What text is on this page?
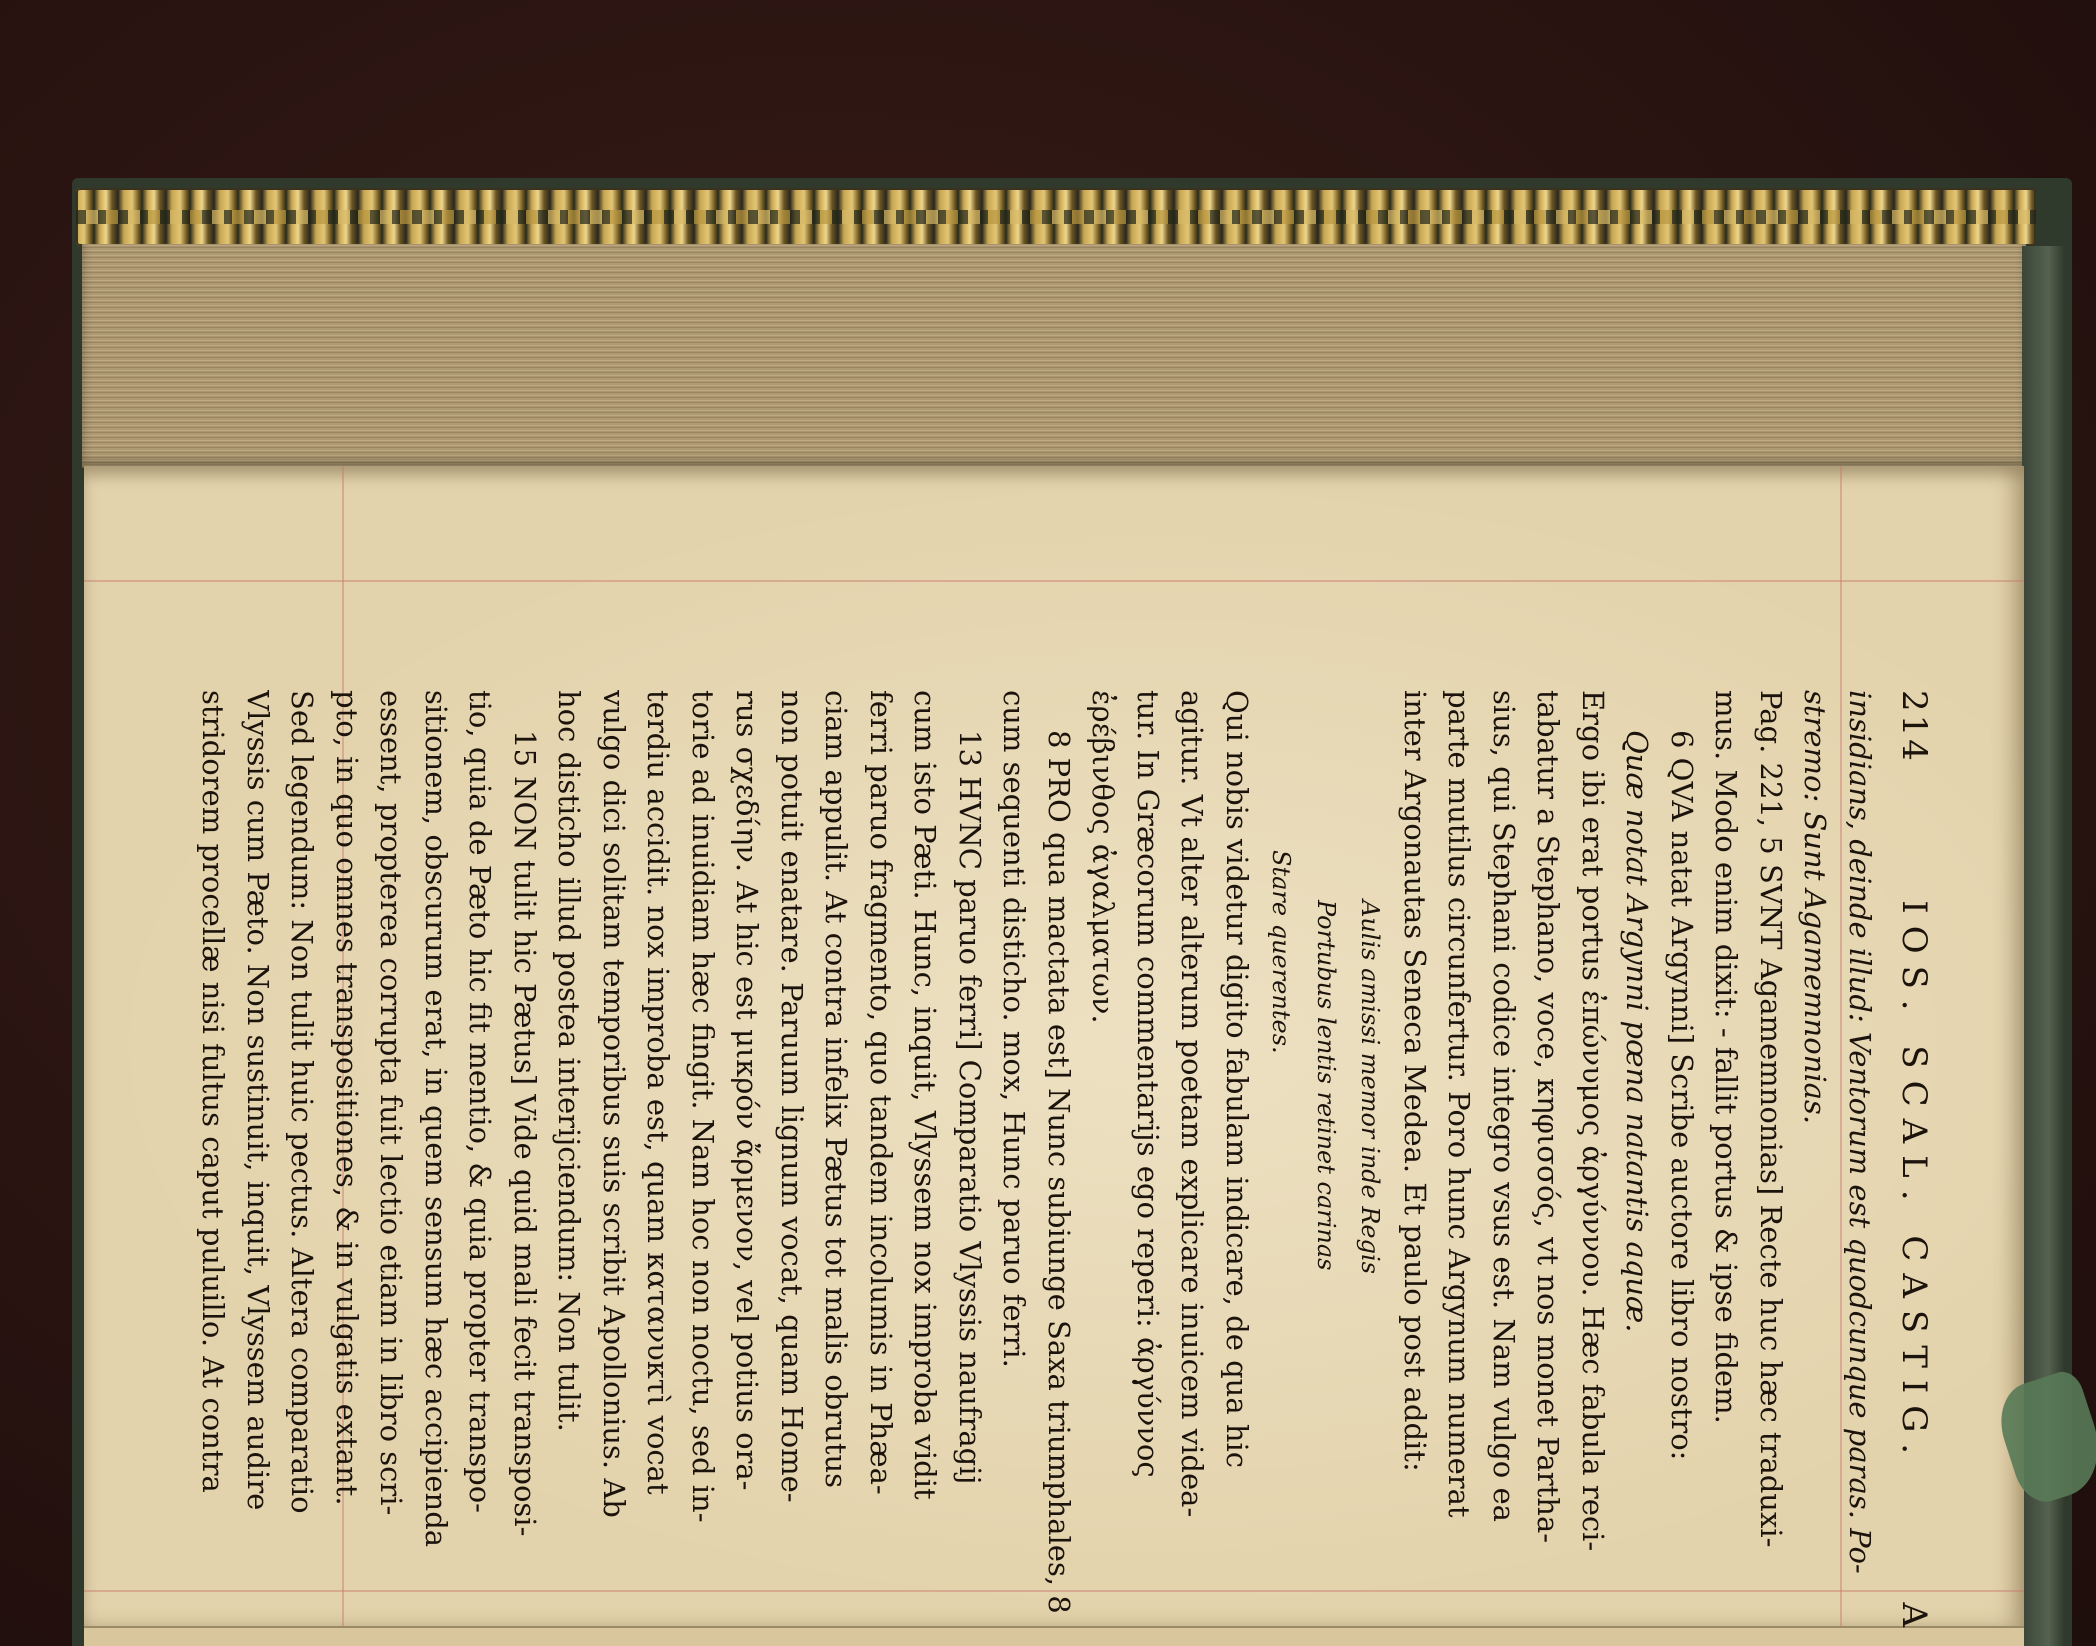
214
IOS. SCAL. CASTIG.
A
insidians, deinde illud: Ventorum est quodcunque paras. Po-
stremo: Sunt Agamemnonias.
Pag. 221, 5 SVNT Agamemnonias] Recte huc hæc traduxi-
mus. Modo enim dixit: - fallit portus & ipse fidem.
6 QVA natat Argynni] Scribe auctore libro nostro:
Quæ notat Argynni pœna natantis aquæ.
Ergo ibi erat portus ἐπώνυμος ἀργύννου. Hæc fabula reci-
tabatur a Stephano, voce, κηφισσός, vt nos monet Partha-
sius, qui Stephani codice integro vsus est. Nam vulgo ea
parte mutilus circunfertur. Poro hunc Argynum numerat
inter Argonautas Seneca Medea. Et paulo post addit:
Aulis amissi memor inde Regis
Portubus lentis retinet carinas
Stare querentes.
Qui nobis videtur digito fabulam indicare, de qua hic
agitur. Vt alter alterum poetam explicare inuicem videa-
tur. In Græcorum commentarijs ego reperi: ἀργύννος
ἐρέβινθος ἀγαλματων.
8 PRO qua mactata est] Nunc subiunge Saxa triumphales, 8
cum sequenti disticho. mox, Hunc paruo ferri.
13 HVNC paruo ferri] Comparatio Vlyssis naufragij
cum isto Pæti. Hunc, inquit, Vlyssem nox improba vidit
ferri paruo fragmento, quo tandem incolumis in Phæa-
ciam appulit. At contra infelix Pætus tot malis obrutus
non potuit enatare. Paruum lignum vocat, quam Home-
rus σχεδίην. At hic est μικρόν ἄρμενον, vel potius ora-
torie ad inuidiam hæc fingit. Nam hoc non noctu, sed in-
terdiu accidit. nox improba est, quam κατανυκτὶ vocat
vulgo dici solitam temporibus suis scribit Apollonius. Ab
hoc disticho illud postea interijciendum: Non tulit.
15 NON tulit hic Pætus] Vide quid mali fecit transposi-
tio, quia de Pæto hic fit mentio, & quia propter transpo-
sitionem, obscurum erat, in quem sensum hæc accipienda
essent, propterea corrupta fuit lectio etiam in libro scri-
pto, in quo omnes transpositiones, & in vulgatis extant.
Sed legendum: Non tulit huic pectus. Altera comparatio
Vlyssis cum Pæto. Non sustinuit, inquit, Vlyssem audire
stridorem procellæ nisi fultus caput puluillo. At contra
